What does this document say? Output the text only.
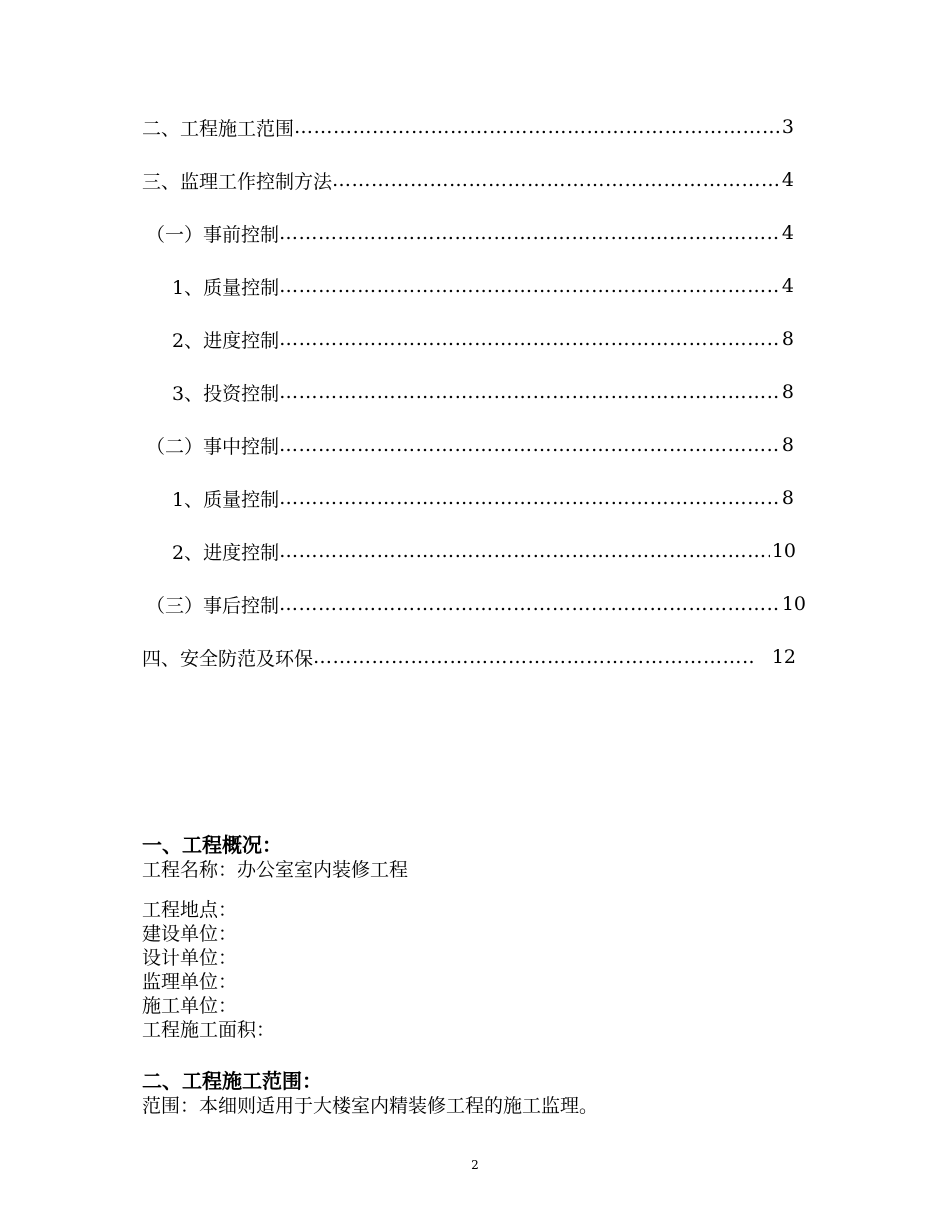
二、工程施工范围 ……………………………………………………………………………………………………………………………………	3
三、监理工作控制方法 ……………………………………………………………………………………………………………………………………	4
（一）事前控制 ……………………………………………………………………………………………………………………………………	4
1、质量控制 ……………………………………………………………………………………………………………………………………	4
2、进度控制 ……………………………………………………………………………………………………………………………………	8
3、投资控制 ……………………………………………………………………………………………………………………………………	8
（二）事中控制 ……………………………………………………………………………………………………………………………………	8
1、质量控制 ……………………………………………………………………………………………………………………………………	8
2、进度控制 ……………………………………………………………………………………………………………………………………	10
（三）事后控制 ……………………………………………………………………………………………………………………………………	10
四、安全防范及环保 ……………………………………………………………………………………………………………………………………	12
一、工程概况：
工程名称：办公室室内装修工程
工程地点：
建设单位：
设计单位：
监理单位：
施工单位：
工程施工面积：
二、工程施工范围：
范围：本细则适用于大楼室内精装修工程的施工监理。
2
